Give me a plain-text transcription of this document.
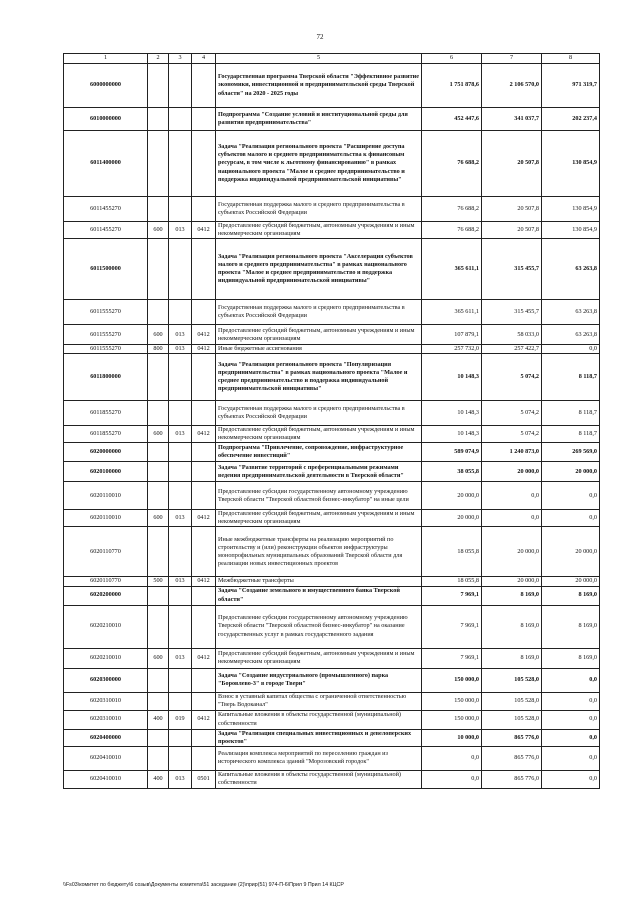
72
1	2	3	4	5	6	7	8
6000000000				Государственная программа Тверской области "Эффективное развитие экономики, инвестиционной и предпринимательской среды Тверской области" на 2020 - 2025 годы	1 751 878,6	2 106 570,0	971 319,7
6010000000				Подпрограмма "Создание условий и институциональной среды для развития предпринимательства"	452 447,6	341 037,7	202 237,4
6011400000				Задача "Реализация регионального проекта "Расширение доступа субъектов малого и среднего предпринимательства к финансовым ресурсам, в том числе к льготному финансированию" в рамках национального проекта "Малое и среднее предпринимательство и поддержка индивидуальной предпринимательской инициативы"	76 688,2	20 507,8	130 854,9
6011455270				Государственная поддержка малого и среднего предпринимательства в субъектах Российской Федерации	76 688,2	20 507,8	130 854,9
6011455270	600	013	0412	Предоставление субсидий бюджетным, автономным учреждениям и иным некоммерческим организациям	76 688,2	20 507,8	130 854,9
6011500000				Задача "Реализация регионального проекта "Акселерация субъектов малого и среднего предпринимательства" в рамках национального проекта "Малое и среднее предпринимательство и поддержка индивидуальной предпринимательской инициативы"	365 611,1	315 455,7	63 263,8
6011555270				Государственная поддержка малого и среднего предпринимательства в субъектах Российской Федерации	365 611,1	315 455,7	63 263,8
6011555270	600	013	0412	Предоставление субсидий бюджетным, автономным учреждениям и иным некоммерческим организациям	107 879,1	58 033,0	63 263,8
6011555270	800	013	0412	Иные бюджетные ассигнования	257 732,0	257 422,7	0,0
6011800000				Задача "Реализация регионального проекта "Популяризация предпринимательства" в рамках национального проекта "Малое и среднее предпринимательство и поддержка индивидуальной предпринимательской инициативы"	10 148,3	5 074,2	8 118,7
6011855270				Государственная поддержка малого и среднего предпринимательства в субъектах Российской Федерации	10 148,3	5 074,2	8 118,7
6011855270	600	013	0412	Предоставление субсидий бюджетным, автономным учреждениям и иным некоммерческим организациям	10 148,3	5 074,2	8 118,7
6020000000				Подпрограмма "Привлечение, сопровождение, инфраструктурное обеспечение инвестиций"	589 074,9	1 240 873,0	269 569,0
6020100000				Задача "Развитие территорий с преференциальными режимами ведения предпринимательской деятельности в Тверской области"	38 055,8	20 000,0	20 000,0
6020110010				Предоставление субсидии государственному автономному учреждению Тверской области "Тверской областной бизнес-инкубатор" на иные цели	20 000,0	0,0	0,0
6020110010	600	013	0412	Предоставление субсидий бюджетным, автономным учреждениям и иным некоммерческим организациям	20 000,0	0,0	0,0
6020110770				Иные межбюджетные трансферты на реализацию мероприятий по строительству и (или) реконструкции объектов инфраструктуры монопрофильных муниципальных образований Тверской области для реализации новых инвестиционных проектов	18 055,8	20 000,0	20 000,0
6020110770	500	013	0412	Межбюджетные трансферты	18 055,8	20 000,0	20 000,0
6020200000				Задача "Создание земельного и имущественного банка Тверской области"	7 969,1	8 169,0	8 169,0
6020210010				Предоставление субсидии государственному автономному учреждению Тверской области "Тверской областной бизнес-инкубатор" на оказание государственных услуг в рамках государственного задания	7 969,1	8 169,0	8 169,0
6020210010	600	013	0412	Предоставление субсидий бюджетным, автономным учреждениям и иным некоммерческим организациям	7 969,1	8 169,0	8 169,0
6020300000				Задача "Создание индустриального (промышленного) парка "Боровлево-3" в городе Твери"	150 000,0	105 528,0	0,0
6020310010				Взнос в уставный капитал общества с ограниченной ответственностью "Тверь Водоканал"	150 000,0	105 528,0	0,0
6020310010	400	019	0412	Капитальные вложения в объекты государственной (муниципальной) собственности	150 000,0	105 528,0	0,0
6020400000				Задача "Реализация специальных инвестиционных и девелоперских проектов"	10 000,0	865 776,0	0,0
6020410010				Реализация комплекса мероприятий по переселению граждан из исторического комплекса зданий "Морозовский городок"	0,0	865 776,0	0,0
6020410010	400	013	0501	Капитальные вложения в объекты государственной (муниципальной) собственности	0,0	865 776,0	0,0
\\Fs03\комитет по бюджету\6 созыв\Документы комитета\51 заседание (2)\прир(51) 974-П-6\Прил 9 Прил 14 КЦСР
